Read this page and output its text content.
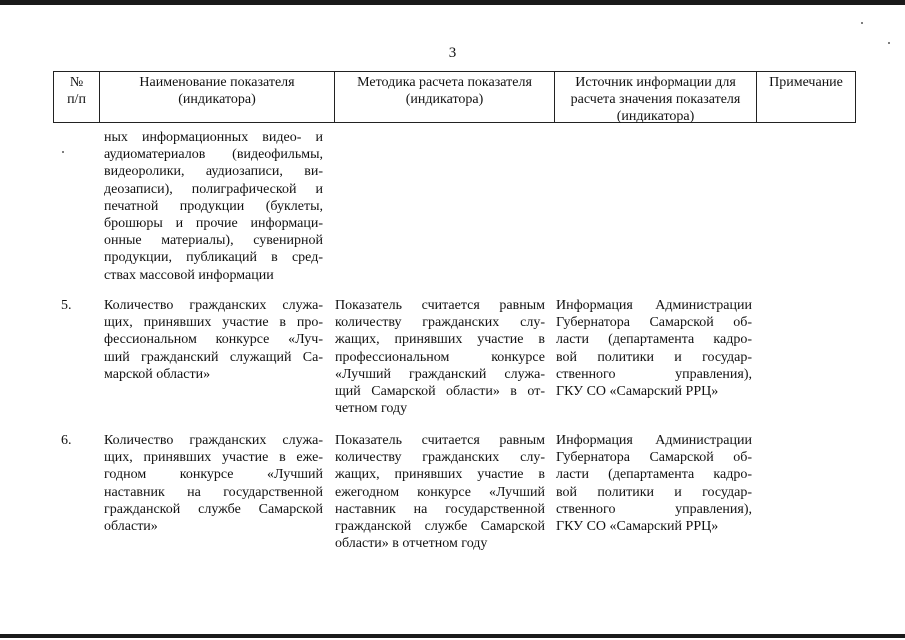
3
№
п/п
Наименование показателя
(индикатора)
Методика расчета показателя
(индикатора)
Источник информации для
расчета значения показателя
(индикатора)
Примечание
ных информационных видео- и
аудиоматериалов (видеофильмы,
видеоролики, аудиозаписи, ви-
деозаписи), полиграфической и
печатной продукции (буклеты,
брошюры и прочие информаци-
онные материалы), сувенирной
продукции, публикаций в сред-
ствах массовой информации
5.	Количество гражданских служа-
щих, принявших участие в про-
фессиональном конкурсе «Луч-
ший гражданский служащий Са-
марской области»
Показатель считается равным
количеству гражданских слу-
жащих, принявших участие в
профессиональном конкурсе
«Лучший гражданский служа-
щий Самарской области» в от-
четном году
Информация Администрации
Губернатора Самарской об-
ласти (департамента кадро-
вой политики и государ-
ственного управления),
ГКУ СО «Самарский РРЦ»
6.	Количество гражданских служа-
щих, принявших участие в еже-
годном конкурсе «Лучший
наставник на государственной
гражданской службе Самарской
области»
Показатель считается равным
количеству гражданских слу-
жащих, принявших участие в
ежегодном конкурсе «Лучший
наставник на государственной
гражданской службе Самарской
области» в отчетном году
Информация Администрации
Губернатора Самарской об-
ласти (департамента кадро-
вой политики и государ-
ственного управления),
ГКУ СО «Самарский РРЦ»
